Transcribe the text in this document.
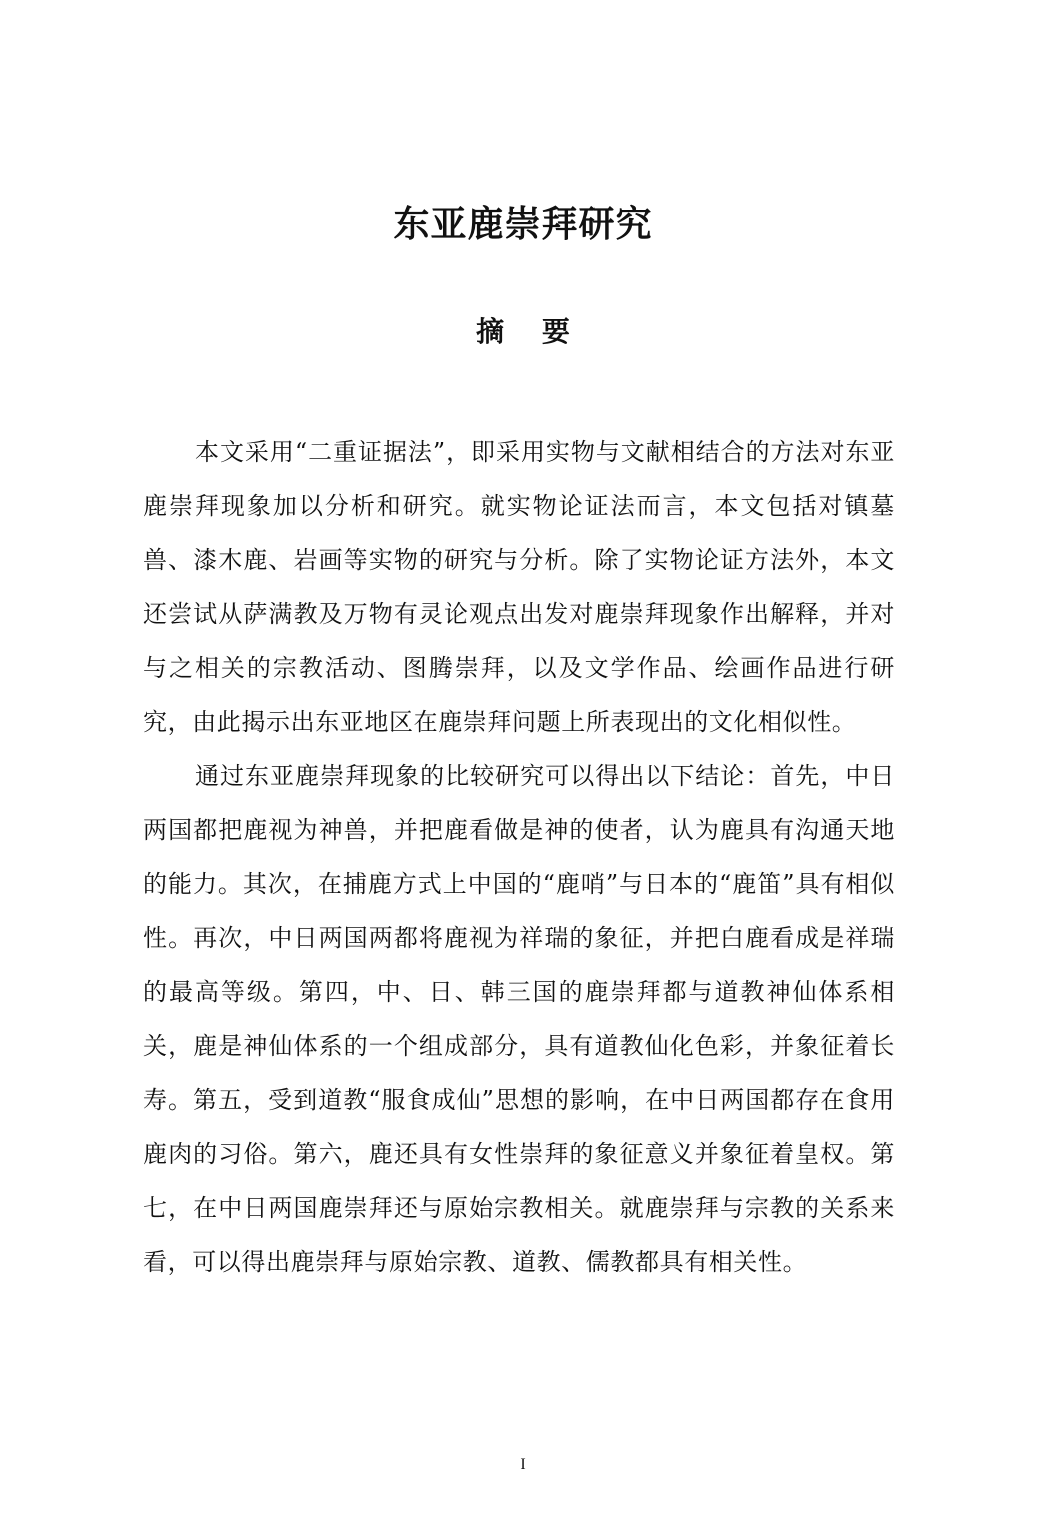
东亚鹿崇拜研究
摘 要

本文采用“二重证据法”，即采用实物与文献相结合的方法对东亚鹿崇拜现象加以分析和研究。就实物论证法而言，本文包括对镇墓兽、漆木鹿、岩画等实物的研究与分析。除了实物论证方法外，本文还尝试从萨满教及万物有灵论观点出发对鹿崇拜现象作出解释，并对与之相关的宗教活动、图腾崇拜，以及文学作品、绘画作品进行研究，由此揭示出东亚地区在鹿崇拜问题上所表现出的文化相似性。

通过东亚鹿崇拜现象的比较研究可以得出以下结论：首先，中日两国都把鹿视为神兽，并把鹿看做是神的使者，认为鹿具有沟通天地的能力。其次，在捕鹿方式上中国的“鹿哨”与日本的“鹿笛”具有相似性。再次，中日两国两都将鹿视为祥瑞的象征，并把白鹿看成是祥瑞的最高等级。第四，中、日、韩三国的鹿崇拜都与道教神仙体系相关，鹿是神仙体系的一个组成部分，具有道教仙化色彩，并象征着长寿。第五，受到道教“服食成仙”思想的影响，在中日两国都存在食用鹿肉的习俗。第六，鹿还具有女性崇拜的象征意义并象征着皇权。第七，在中日两国鹿崇拜还与原始宗教相关。就鹿崇拜与宗教的关系来看，可以得出鹿崇拜与原始宗教、道教、儒教都具有相关性。

I
